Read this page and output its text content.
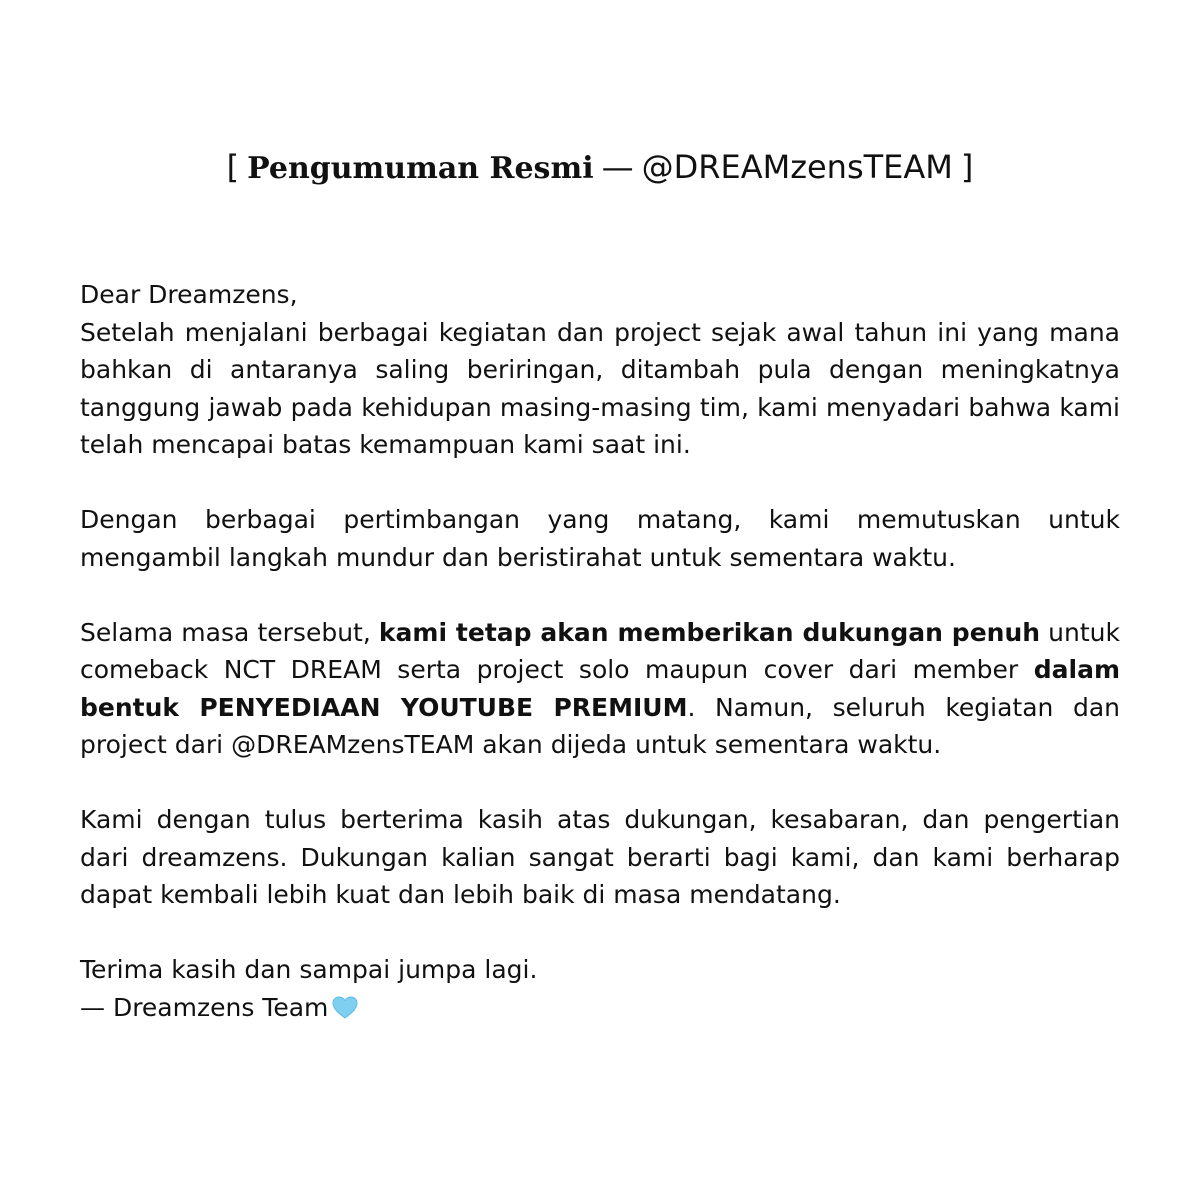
[ Pengumuman Resmi — @DREAMzensTEAM ]

Dear Dreamzens,

Setelah menjalani berbagai kegiatan dan project sejak awal tahun ini yang mana bahkan di antaranya saling beriringan, ditambah pula dengan meningkatnya tanggung jawab pada kehidupan masing-masing tim, kami menyadari bahwa kami telah mencapai batas kemampuan kami saat ini.

Dengan berbagai pertimbangan yang matang, kami memutuskan untuk mengambil langkah mundur dan beristirahat untuk sementara waktu.

Selama masa tersebut, kami tetap akan memberikan dukungan penuh untuk comeback NCT DREAM serta project solo maupun cover dari member dalam bentuk PENYEDIAAN YOUTUBE PREMIUM. Namun, seluruh kegiatan dan project dari @DREAMzensTEAM akan dijeda untuk sementara waktu.

Kami dengan tulus berterima kasih atas dukungan, kesabaran, dan pengertian dari dreamzens. Dukungan kalian sangat berarti bagi kami, dan kami berharap dapat kembali lebih kuat dan lebih baik di masa mendatang.

Terima kasih dan sampai jumpa lagi.

— Dreamzens Team
